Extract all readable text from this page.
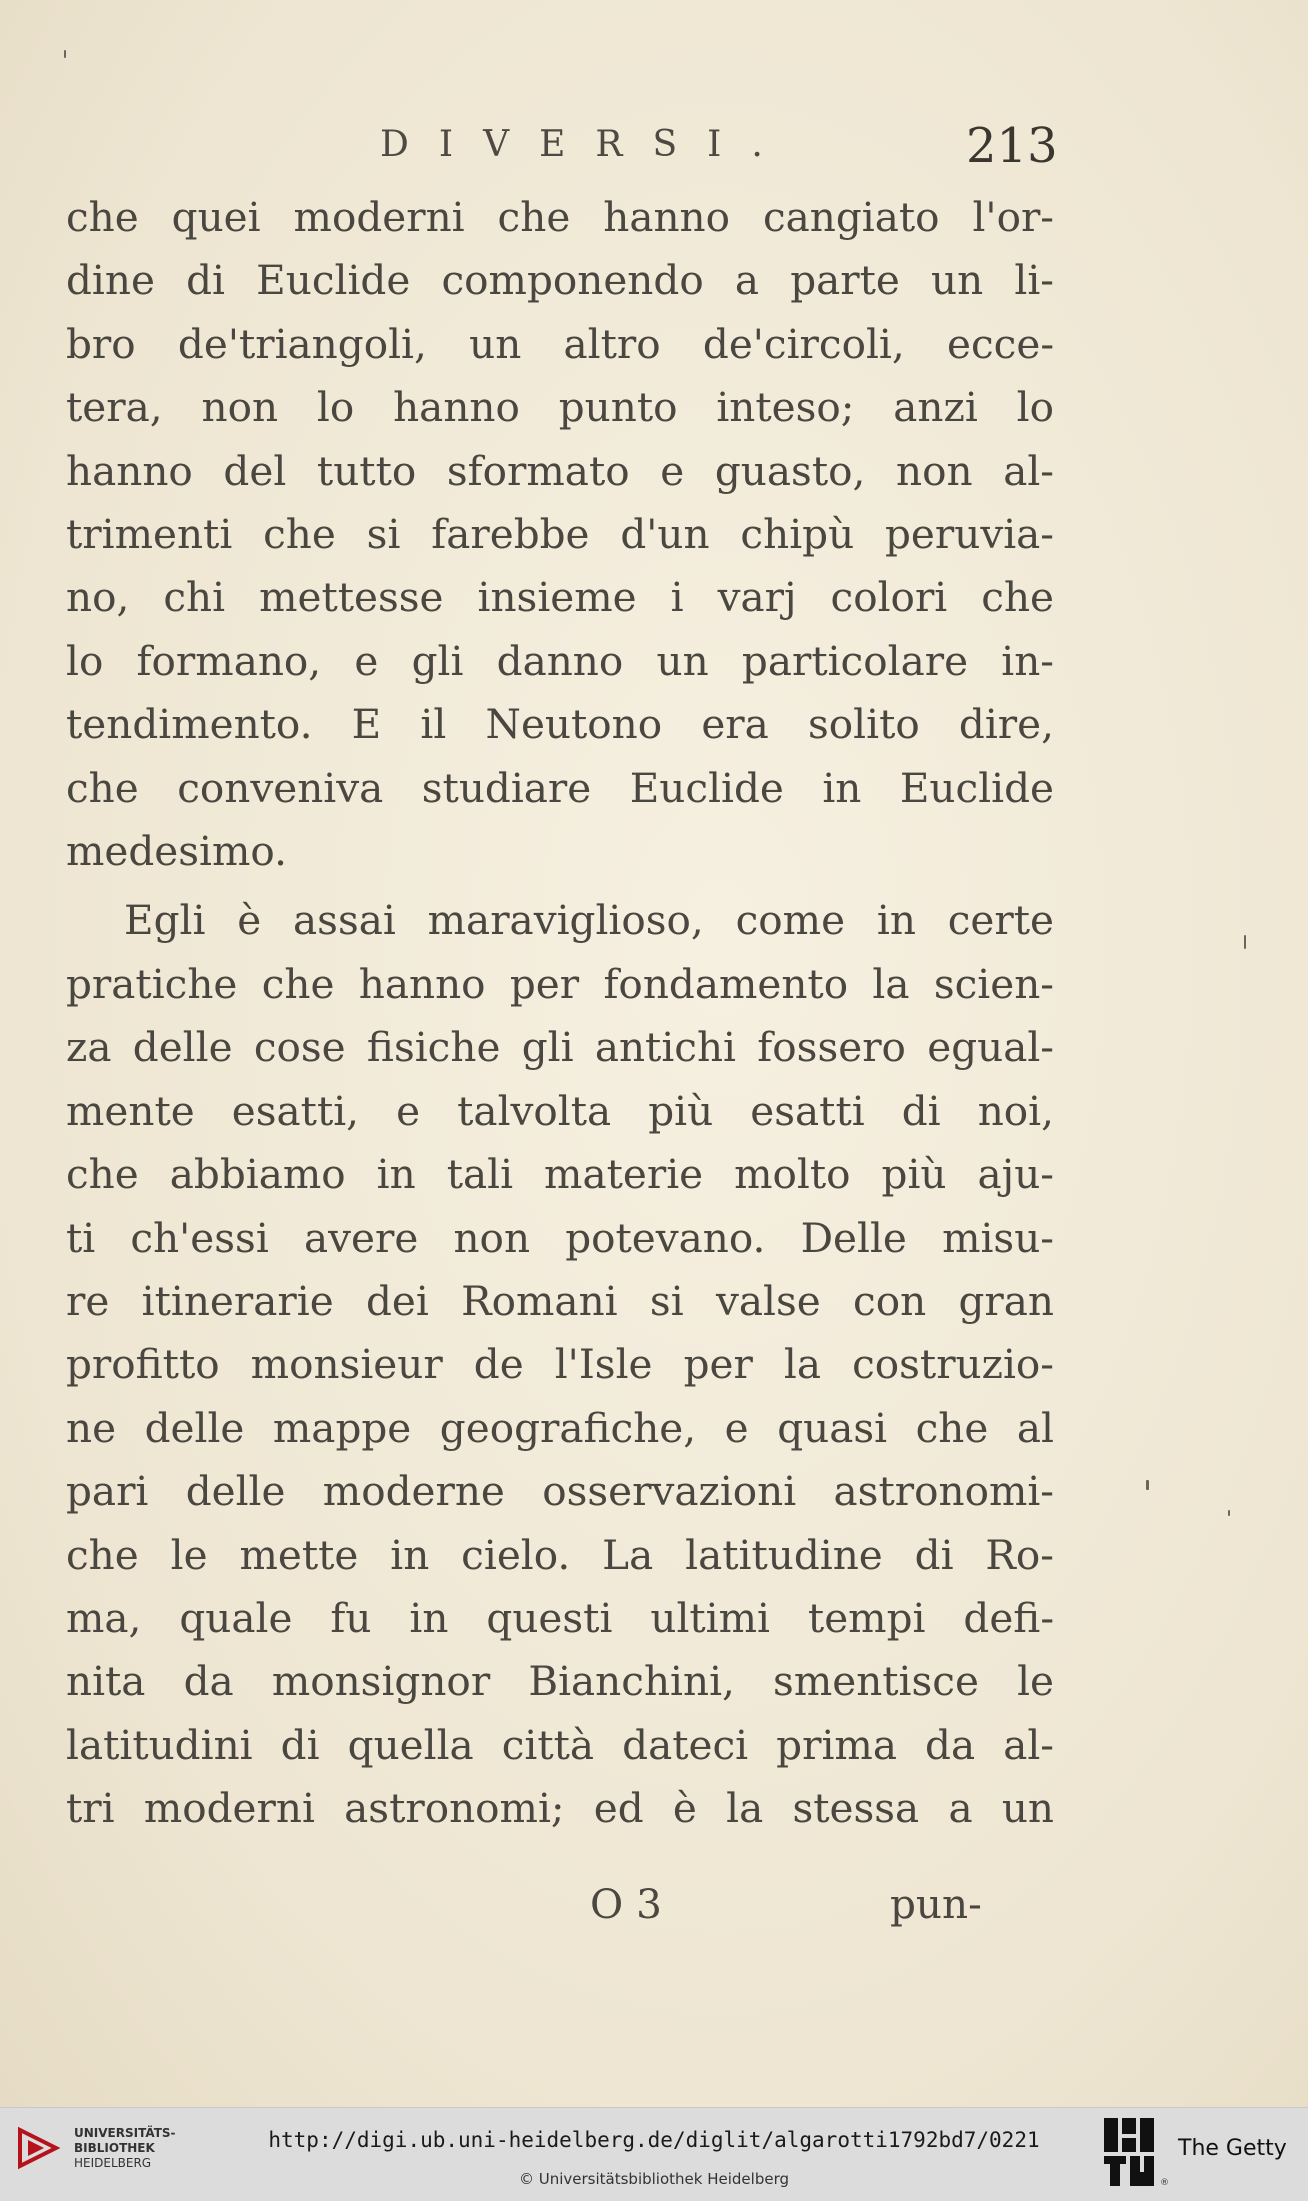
DIVERSI.	213
che quei moderni che hanno cangiato l'or-
dine di Euclide componendo a parte un li-
bro de'triangoli, un altro de'circoli, ecce-
tera, non lo hanno punto inteso; anzi lo
hanno del tutto sformato e guasto, non al-
trimenti che si farebbe d'un chipù peruvia-
no, chi mettesse insieme i varj colori che
lo formano, e gli danno un particolare in-
tendimento. E il Neutono era solito dire,
che conveniva studiare Euclide in Euclide
medesimo.
Egli è assai maraviglioso, come in certe
pratiche che hanno per fondamento la scien-
za delle cose fisiche gli antichi fossero egual-
mente esatti, e talvolta più esatti di noi,
che abbiamo in tali materie molto più aju-
ti ch'essi avere non potevano. Delle misu-
re itinerarie dei Romani si valse con gran
profitto monsieur de l'Isle per la costruzio-
ne delle mappe geografiche, e quasi che al
pari delle moderne osservazioni astronomi-
che le mette in cielo. La latitudine di Ro-
ma, quale fu in questi ultimi tempi defi-
nita da monsignor Bianchini, smentisce le
latitudini di quella città dateci prima da al-
tri moderni astronomi; ed è la stessa a un
O 3	pun-
UNIVERSITÄTS-
BIBLIOTHEK
HEIDELBERG
http://digi.ub.uni-heidelberg.de/diglit/algarotti1792bd7/0221
© Universitätsbibliothek Heidelberg	®
The Getty
